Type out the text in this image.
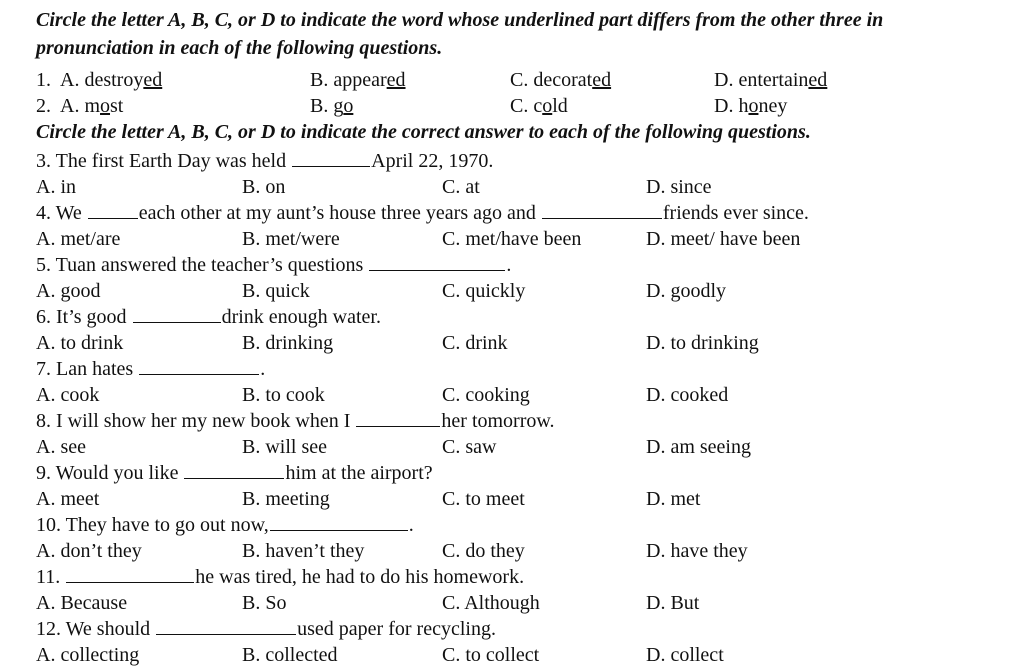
Circle the letter A, B, C, or D to indicate the word whose underlined part differs from the other three in
pronunciation in each of the following questions.
1. A. destroyed	B. appeared	C. decorated	D. entertained
2. A. most	B. go	C. cold	D. honey
Circle the letter A, B, C, or D to indicate the correct answer to each of the following questions.
3. The first Earth Day was held	April 22, 1970.
A. in	B. on	C. at	D. since
4. We	each other at my aunt’s house three years ago and	friends ever since.
A. met/are	B. met/were	C. met/have been	D. meet/ have been
5. Tuan answered the teacher’s questions	.
A. good	B. quick	C. quickly	D. goodly
6. It’s good	drink enough water.
A. to drink	B. drinking	C. drink	D. to drinking
7. Lan hates	.
A. cook	B. to cook	C. cooking	D. cooked
8. I will show her my new book when I	her tomorrow.
A. see	B. will see	C. saw	D. am seeing
9. Would you like	him at the airport?
A. meet	B. meeting	C. to meet	D. met
10. They have to go out now,	.
A. don’t they	B. haven’t they	C. do they	D. have they
11.	he was tired, he had to do his homework.
A. Because	B. So	C. Although	D. But
12. We should	used paper for recycling.
A. collecting	B. collected	C. to collect	D. collect
